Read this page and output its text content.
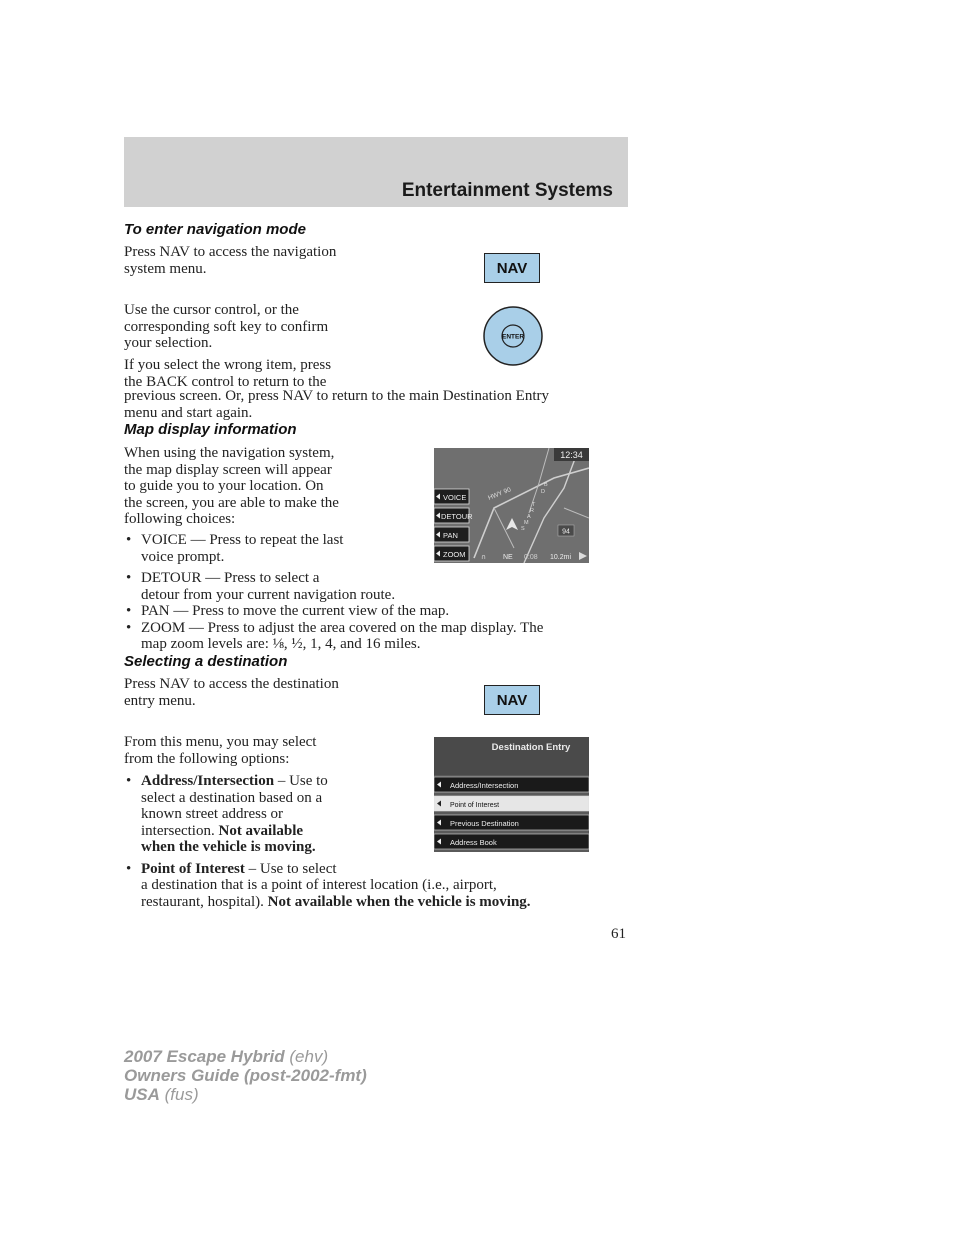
Entertainment Systems
To enter navigation mode
Press NAV to access the navigation
system menu.	NAV
Use the cursor control, or the
corresponding soft key to confirm
your selection.	ENTER
If you select the wrong item, press
the BACK control to return to the
previous screen. Or, press NAV to return to the main Destination Entry
menu and start again.
Map display information
When using the navigation system,
the map display screen will appear
to guide you to your location. On
the screen, you are able to make the
following choices:
• VOICE — Press to repeat the last
voice prompt.
• DETOUR — Press to select a
detour from your current navigation route.
• PAN — Press to move the current view of the map.
• ZOOM — Press to adjust the area covered on the map display. The
map zoom levels are: ⅛, ½, 1, 4, and 16 miles.
HWY 90
B
D
T
R
A
M
S
12:34
94
VOICE
DETOUR
PAN
ZOOM ∩ NE 0:08 10.2mi
Selecting a destination
Press NAV to access the destination
entry menu.	NAV
From this menu, you may select
from the following options:
• Address/Intersection – Use to
select a destination based on a
known street address or
intersection. Not available
when the vehicle is moving.
• Point of Interest – Use to select
a destination that is a point of interest location (i.e., airport,
restaurant, hospital). Not available when the vehicle is moving.
Destination Entry
Address/Intersection
Point of Interest
Previous Destination
Address Book
61
2007 Escape Hybrid (ehv)
Owners Guide (post-2002-fmt)
USA (fus)
